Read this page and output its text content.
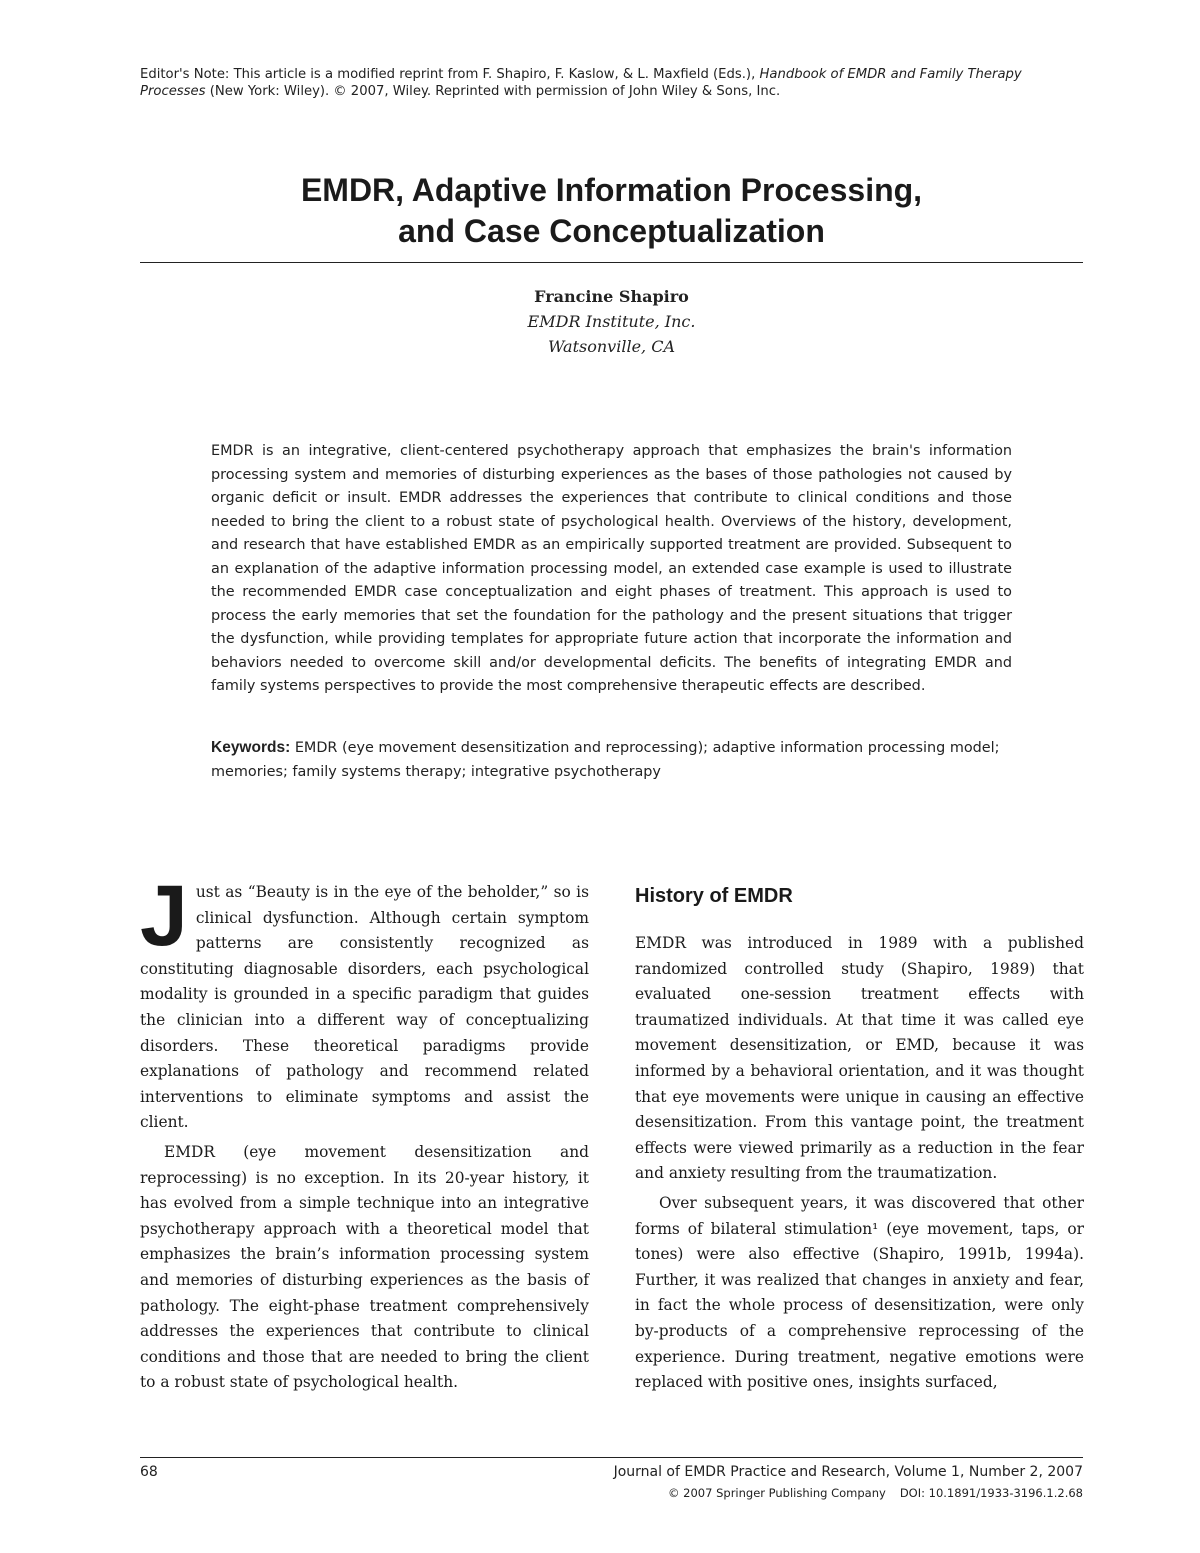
Editor's Note: This article is a modified reprint from F. Shapiro, F. Kaslow, & L. Maxfield (Eds.), Handbook of EMDR and Family Therapy Processes (New York: Wiley). © 2007, Wiley. Reprinted with permission of John Wiley & Sons, Inc.
EMDR, Adaptive Information Processing,
and Case Conceptualization
Francine Shapiro
EMDR Institute, Inc.
Watsonville, CA
EMDR is an integrative, client-centered psychotherapy approach that emphasizes the brain's information processing system and memories of disturbing experiences as the bases of those pathologies not caused by organic deficit or insult. EMDR addresses the experiences that contribute to clinical conditions and those needed to bring the client to a robust state of psychological health. Overviews of the history, development, and research that have established EMDR as an empirically supported treatment are provided. Subsequent to an explanation of the adaptive information processing model, an extended case example is used to illustrate the recommended EMDR case conceptualization and eight phases of treatment. This approach is used to process the early memories that set the foundation for the pathology and the present situations that trigger the dysfunction, while providing templates for appropriate future action that incorporate the information and behaviors needed to overcome skill and/or developmental deficits. The benefits of integrating EMDR and family systems perspectives to provide the most comprehensive therapeutic effects are described.
Keywords: EMDR (eye movement desensitization and reprocessing); adaptive information processing model; memories; family systems therapy; integrative psychotherapy

Just as “Beauty is in the eye of the beholder,” so is clinical dysfunction. Although certain symptom patterns are consistently recognized as constituting diagnosable disorders, each psychological modality is grounded in a specific paradigm that guides the clinician into a different way of conceptualizing disorders. These theoretical paradigms provide explanations of pathology and recommend related interventions to eliminate symptoms and assist the client.

EMDR (eye movement desensitization and reprocessing) is no exception. In its 20-year history, it has evolved from a simple technique into an integrative psychotherapy approach with a theoretical model that emphasizes the brain’s information processing system and memories of disturbing experiences as the basis of pathology. The eight-phase treatment comprehensively addresses the experiences that contribute to clinical conditions and those that are needed to bring the client to a robust state of psychological health.

History of EMDR

EMDR was introduced in 1989 with a published randomized controlled study (Shapiro, 1989) that evaluated one-session treatment effects with traumatized individuals. At that time it was called eye movement desensitization, or EMD, because it was informed by a behavioral orientation, and it was thought that eye movements were unique in causing an effective desensitization. From this vantage point, the treatment effects were viewed primarily as a reduction in the fear and anxiety resulting from the traumatization.

Over subsequent years, it was discovered that other forms of bilateral stimulation¹ (eye movement, taps, or tones) were also effective (Shapiro, 1991b, 1994a). Further, it was realized that changes in anxiety and fear, in fact the whole process of desensitization, were only by-products of a comprehensive reprocessing of the experience. During treatment, negative emotions were replaced with positive ones, insights surfaced,

68	Journal of EMDR Practice and Research, Volume 1, Number 2, 2007
© 2007 Springer Publishing Company DOI: 10.1891/1933-3196.1.2.68
